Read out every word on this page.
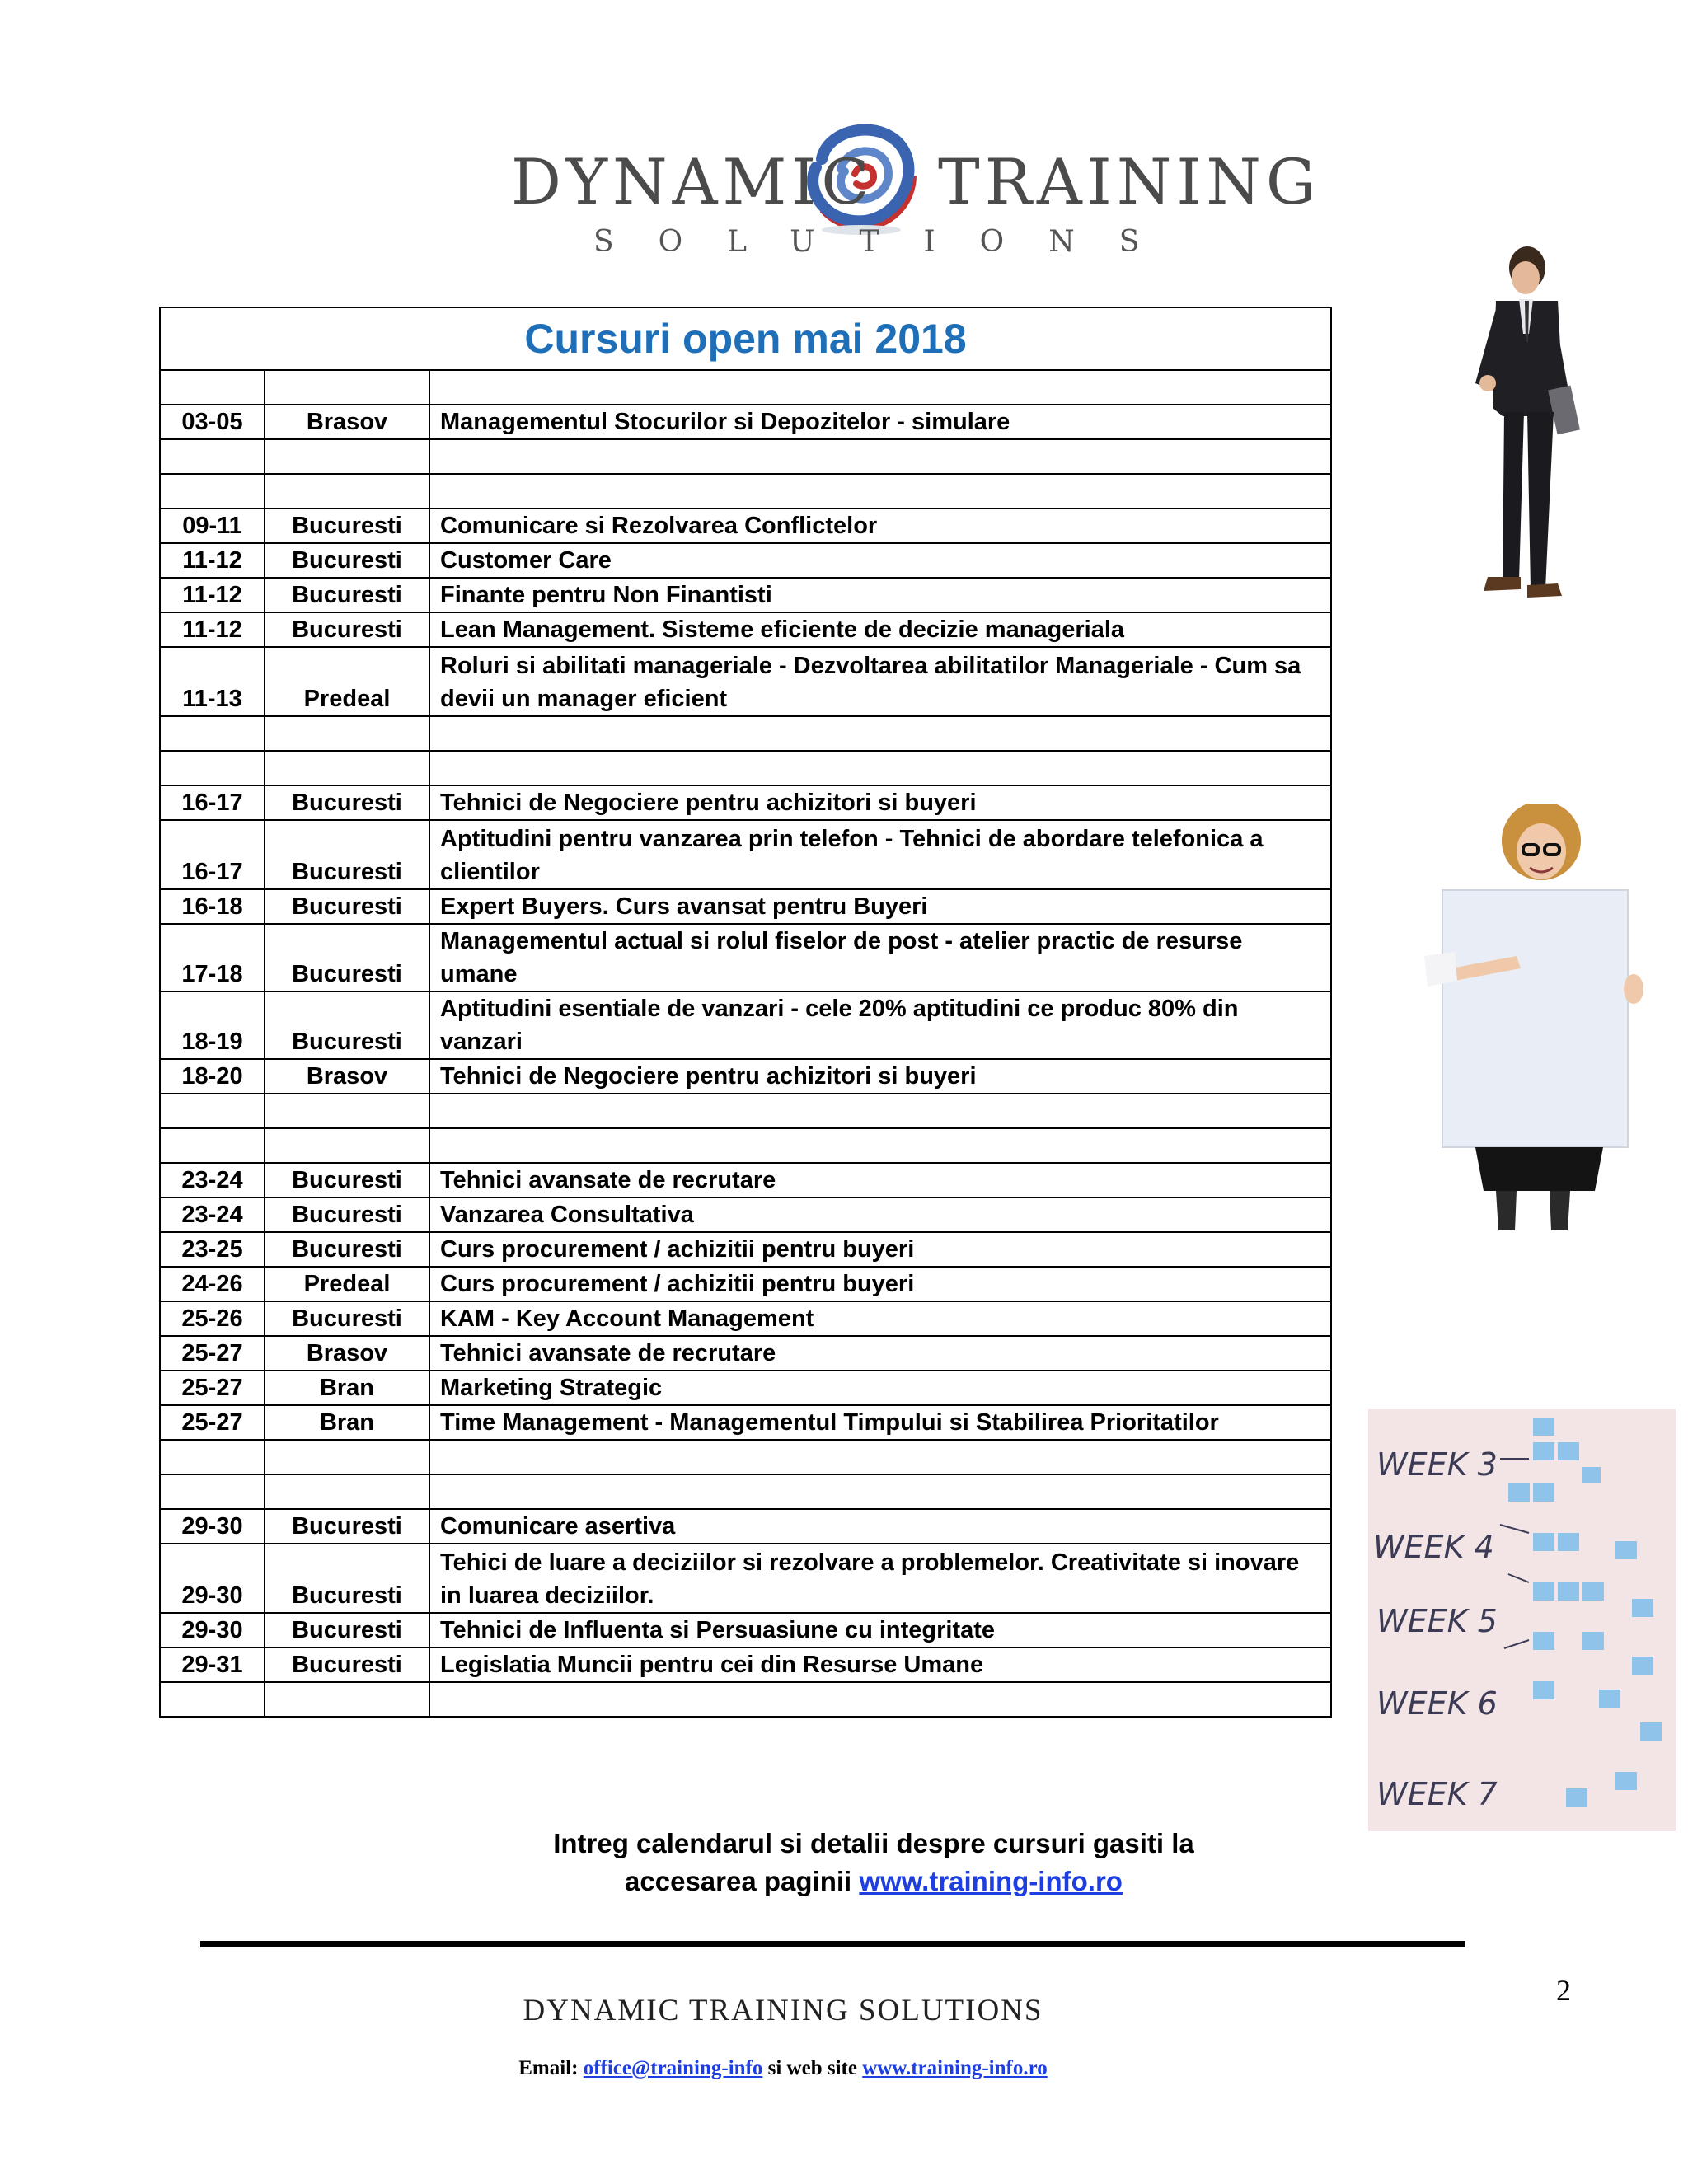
DYNAMIC TRAINING
SOLUTIONS
Cursuri open mai 2018		

03-05	Brasov	Managementul Stocurilor si Depozitelor - simulare

09-11	Bucuresti	Comunicare si Rezolvarea Conflictelor
11-12	Bucuresti	Customer Care
11-12	Bucuresti	Finante pentru Non Finantisti
11-12	Bucuresti	Lean Management. Sisteme eficiente de decizie manageriala
11-13	Predeal	Roluri si abilitati manageriale - Dezvoltarea abilitatilor Manageriale - Cum sa devii un manager eficient

16-17	Bucuresti	Tehnici de Negociere pentru achizitori si buyeri
16-17	Bucuresti	Aptitudini pentru vanzarea prin telefon - Tehnici de abordare telefonica a clientilor
16-18	Bucuresti	Expert Buyers. Curs avansat pentru Buyeri
17-18	Bucuresti	Managementul actual si rolul fiselor de post - atelier practic de resurse umane
18-19	Bucuresti	Aptitudini esentiale de vanzari - cele 20% aptitudini ce produc 80% din vanzari
18-20	Brasov	Tehnici de Negociere pentru achizitori si buyeri

23-24	Bucuresti	Tehnici avansate de recrutare
23-24	Bucuresti	Vanzarea Consultativa
23-25	Bucuresti	Curs procurement / achizitii pentru buyeri
24-26	Predeal	Curs procurement / achizitii pentru buyeri
25-26	Bucuresti	KAM - Key Account Management
25-27	Brasov	Tehnici avansate de recrutare
25-27	Bran	Marketing Strategic
25-27	Bran	Time Management - Managementul Timpului si Stabilirea Prioritatilor

29-30	Bucuresti	Comunicare asertiva
29-30	Bucuresti	Tehici de luare a deciziilor si rezolvare a problemelor. Creativitate si inovare in luarea deciziilor.
29-30	Bucuresti	Tehnici de Influenta si Persuasiune cu integritate
29-31	Bucuresti	Legislatia Muncii pentru cei din Resurse Umane

Intreg calendarul si detalii despre cursuri gasiti la
accesarea paginii www.training-info.ro
2
DYNAMIC TRAINING SOLUTIONS
Email: office@training-info si web site www.training-info.ro
WEEK 3
WEEK 4
WEEK 5
WEEK 6
WEEK 7
